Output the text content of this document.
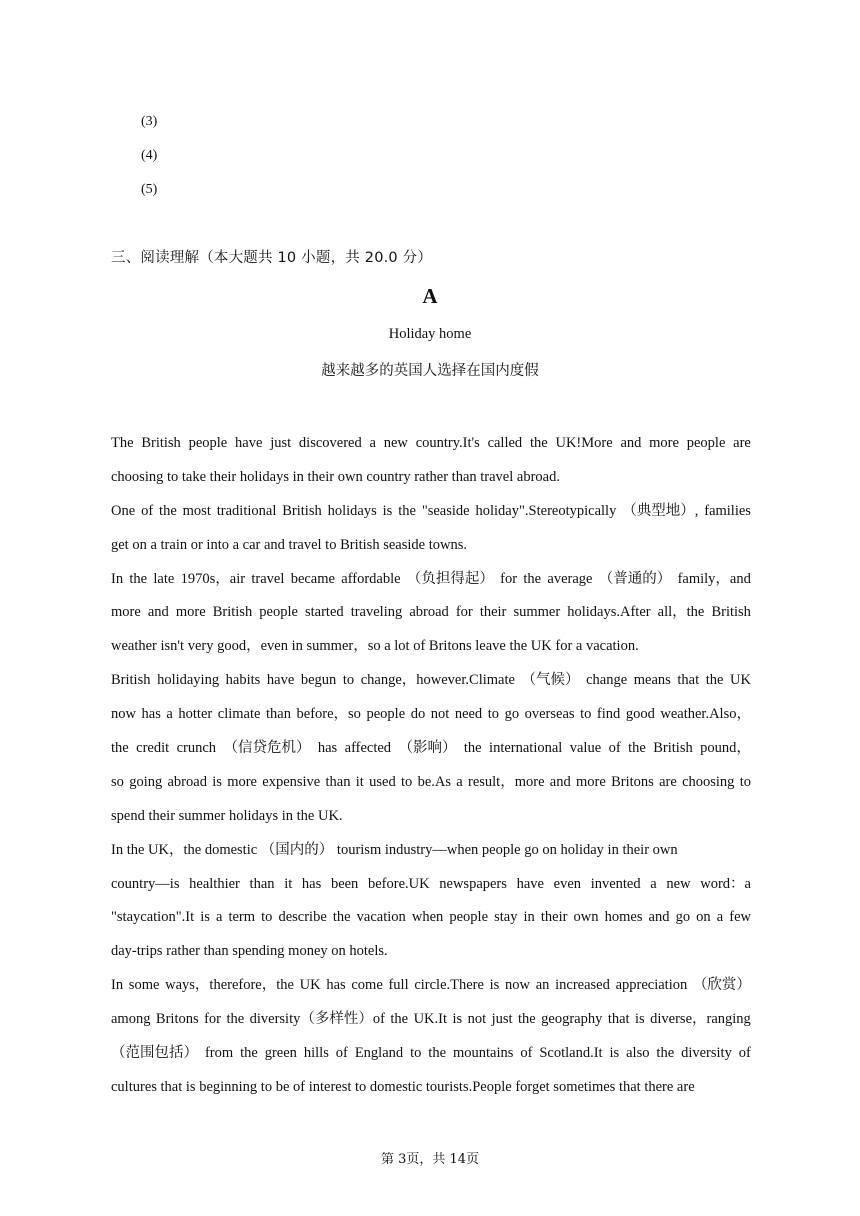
(3)
(4)
(5)
三、阅读理解（本大题共 10 小题，共 20.0 分）
A
Holiday home
越来越多的英国人选择在国内度假
The British people have just discovered a new country.It's called the UK!More and more people are
choosing to take their holidays in their own country rather than travel abroad.
One of the most traditional British holidays is the "seaside holiday".Stereotypically （典型地）, families
get on a train or into a car and travel to British seaside towns.
In the late 1970s，air travel became affordable （负担得起） for the average （普通的） family，and
more and more British people started traveling abroad for their summer holidays.After all，the British
weather isn't very good，even in summer，so a lot of Britons leave the UK for a vacation.
British holidaying habits have begun to change，however.Climate （气候） change means that the UK
now has a hotter climate than before，so people do not need to go overseas to find good weather.Also，
the credit crunch （信贷危机） has affected （影响） the international value of the British pound，
so going abroad is more expensive than it used to be.As a result，more and more Britons are choosing to
spend their summer holidays in the UK.
In the UK，the domestic （国内的） tourism industry—when people go on holiday in their own
country—is healthier than it has been before.UK newspapers have even invented a new word：a
"staycation".It is a term to describe the vacation when people stay in their own homes and go on a few
day-trips rather than spending money on hotels.
In some ways，therefore，the UK has come full circle.There is now an increased appreciation （欣赏）
among Britons for the diversity（多样性）of the UK.It is not just the geography that is diverse，ranging
（范围包括） from the green hills of England to the mountains of Scotland.It is also the diversity of
cultures that is beginning to be of interest to domestic tourists.People forget sometimes that there are
第 3页，共 14页
